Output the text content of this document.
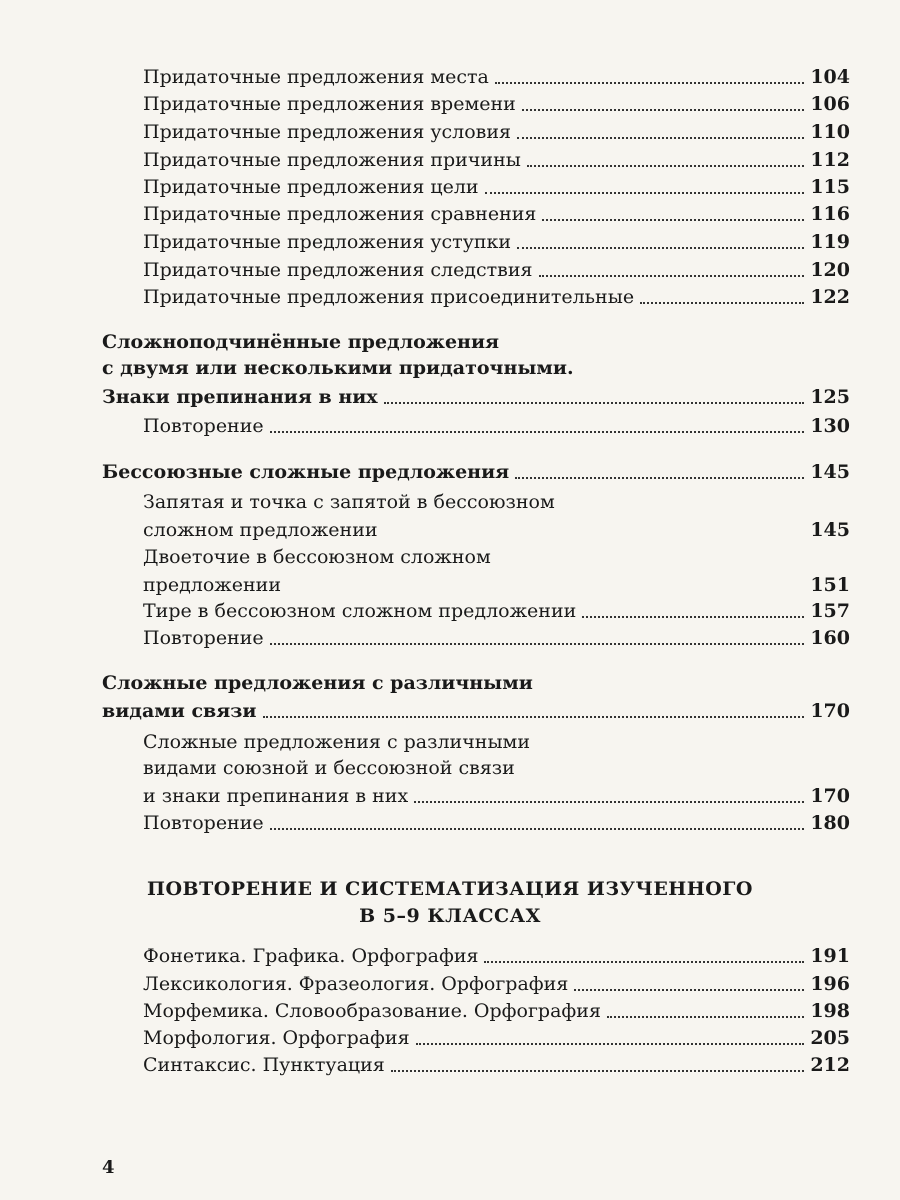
Придаточные предложения места	104
Придаточные предложения времени	106
Придаточные предложения условия	110
Придаточные предложения причины	112
Придаточные предложения цели	115
Придаточные предложения сравнения	116
Придаточные предложения уступки	119
Придаточные предложения следствия	120
Придаточные предложения присоединительные	122
Сложноподчинённые предложения
с двумя или несколькими придаточными.
Знаки препинания в них	125
Повторение	130
Бессоюзные сложные предложения	145
Запятая и точка с запятой в бессоюзном
сложном предложении	145
Двоеточие в бессоюзном сложном
предложении	151
Тире в бессоюзном сложном предложении	157
Повторение	160
Сложные предложения с различными
видами связи	170
Сложные предложения с различными
видами союзной и бессоюзной связи
и знаки препинания в них	170
Повторение	180
ПОВТОРЕНИЕ И СИСТЕМАТИЗАЦИЯ ИЗУЧЕННОГО
В 5–9 КЛАССАХ
Фонетика. Графика. Орфография	191
Лексикология. Фразеология. Орфография	196
Морфемика. Словообразование. Орфография	198
Морфология. Орфография	205
Синтаксис. Пунктуация	212
4
